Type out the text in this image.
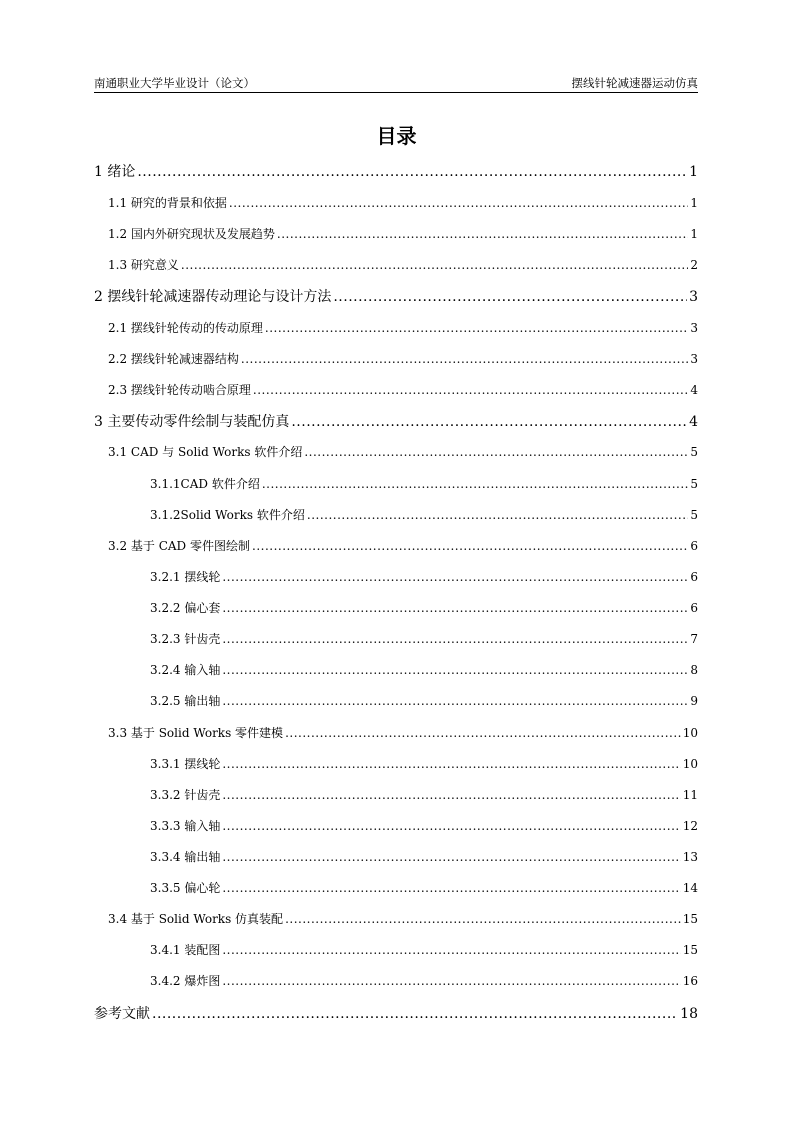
南通职业大学毕业设计（论文）	摆线针轮减速器运动仿真
目录
1 绪论 .....	1
1.1 研究的背景和依据 .....	1
1.2 国内外研究现状及发展趋势 .....	1
1.3 研究意义 .....	2
2 摆线针轮减速器传动理论与设计方法 .....	3
2.1 摆线针轮传动的传动原理 .....	3
2.2 摆线针轮减速器结构 .....	3
2.3 摆线针轮传动啮合原理 .....	4
3 主要传动零件绘制与装配仿真 .....	4
3.1 CAD 与 Solid Works 软件介绍 .....	5
3.1.1CAD 软件介绍 .....	5
3.1.2Solid Works 软件介绍 .....	5
3.2 基于 CAD 零件图绘制 .....	6
3.2.1 摆线轮 .....	6
3.2.2 偏心套 .....	6
3.2.3 针齿壳 .....	7
3.2.4 输入轴 .....	8
3.2.5 输出轴 .....	9
3.3 基于 Solid Works 零件建模 .....	10
3.3.1 摆线轮 .....	10
3.3.2 针齿壳 .....	11
3.3.3 输入轴 .....	12
3.3.4 输出轴 .....	13
3.3.5 偏心轮 .....	14
3.4 基于 Solid Works 仿真装配 .....	15
3.4.1 装配图 .....	15
3.4.2 爆炸图 .....	16
参考文献 .....	18
